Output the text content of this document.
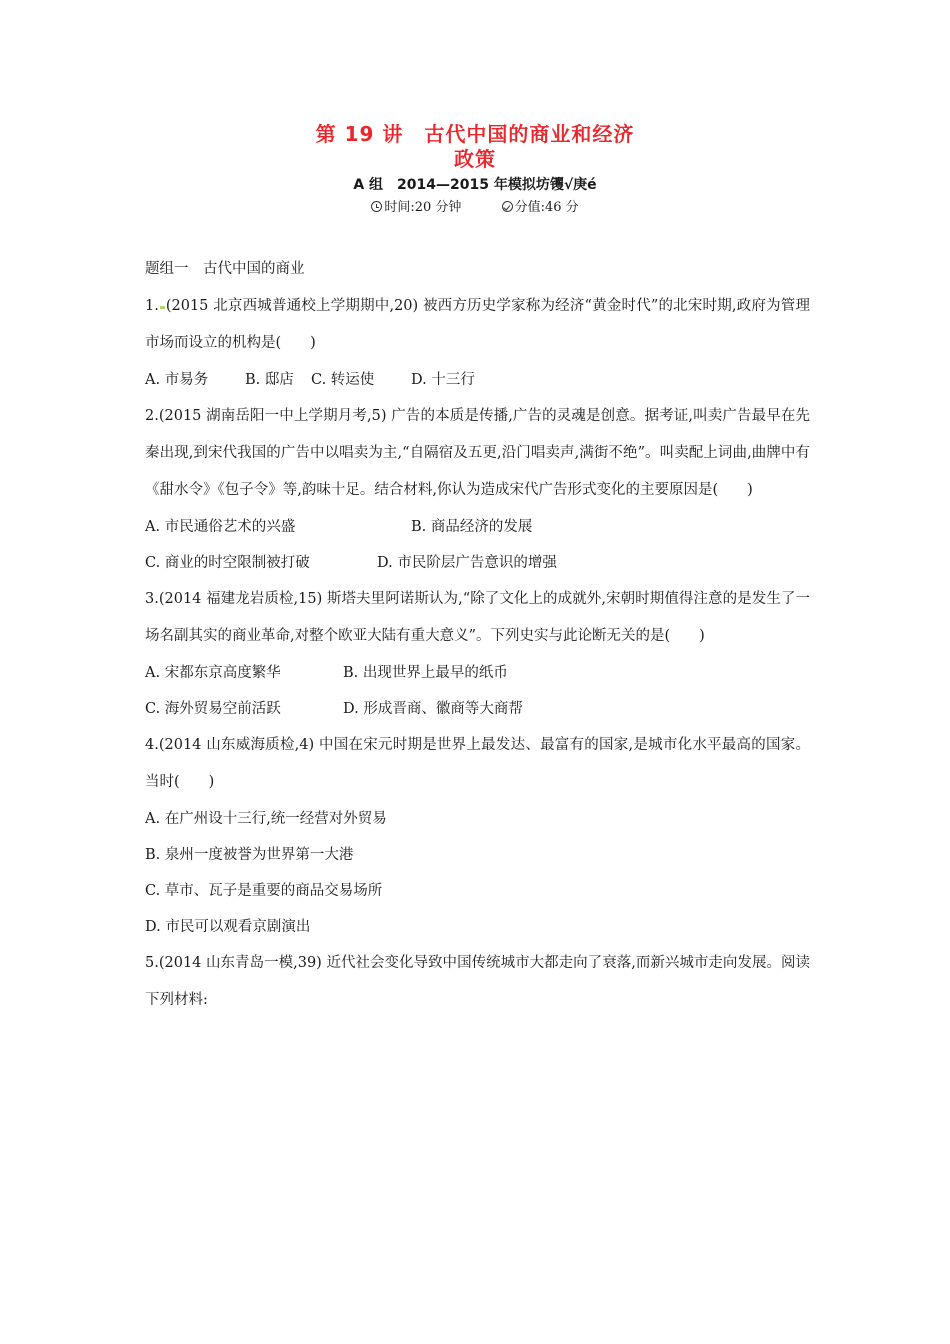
第 19 讲　古代中国的商业和经济
政策
A 组　2014—2015 年模拟坊䦆√庚é
时间:20 分钟	分值:46 分
题组一　古代中国的商业
1. (2015 北京西城普通校上学期期中,20) 被西方历史学家称为经济“黄金时代”的北宋时期,政府为管理市场而设立的机构是(　　)
A. 市易务	B. 邸店 C. 转运使	D. 十三行
2.(2015 湖南岳阳一中上学期月考,5) 广告的本质是传播,广告的灵魂是创意。据考证,叫卖广告最早在先秦出现,到宋代我国的广告中以唱卖为主,“自隔宿及五更,沿门唱卖声,满街不绝”。叫卖配上词曲,曲牌中有《甜水令》《包子令》等,韵味十足。结合材料,你认为造成宋代广告形式变化的主要原因是(　　)
A. 市民通俗艺术的兴盛	B. 商品经济的发展
C. 商业的时空限制被打破	D. 市民阶层广告意识的增强
3.(2014 福建龙岩质检,15) 斯塔夫里阿诺斯认为,“除了文化上的成就外,宋朝时期值得注意的是发生了一场名副其实的商业革命,对整个欧亚大陆有重大意义”。下列史实与此论断无关的是(　　)
A. 宋都东京高度繁华	B. 出现世界上最早的纸币
C. 海外贸易空前活跃	D. 形成晋商、徽商等大商帮
4.(2014 山东威海质检,4) 中国在宋元时期是世界上最发达、最富有的国家,是城市化水平最高的国家。当时(　　)
A. 在广州设十三行,统一经营对外贸易
B. 泉州一度被誉为世界第一大港
C. 草市、瓦子是重要的商品交易场所
D. 市民可以观看京剧演出
5.(2014 山东青岛一模,39) 近代社会变化导致中国传统城市大都走向了衰落,而新兴城市走向发展。阅读下列材料:
